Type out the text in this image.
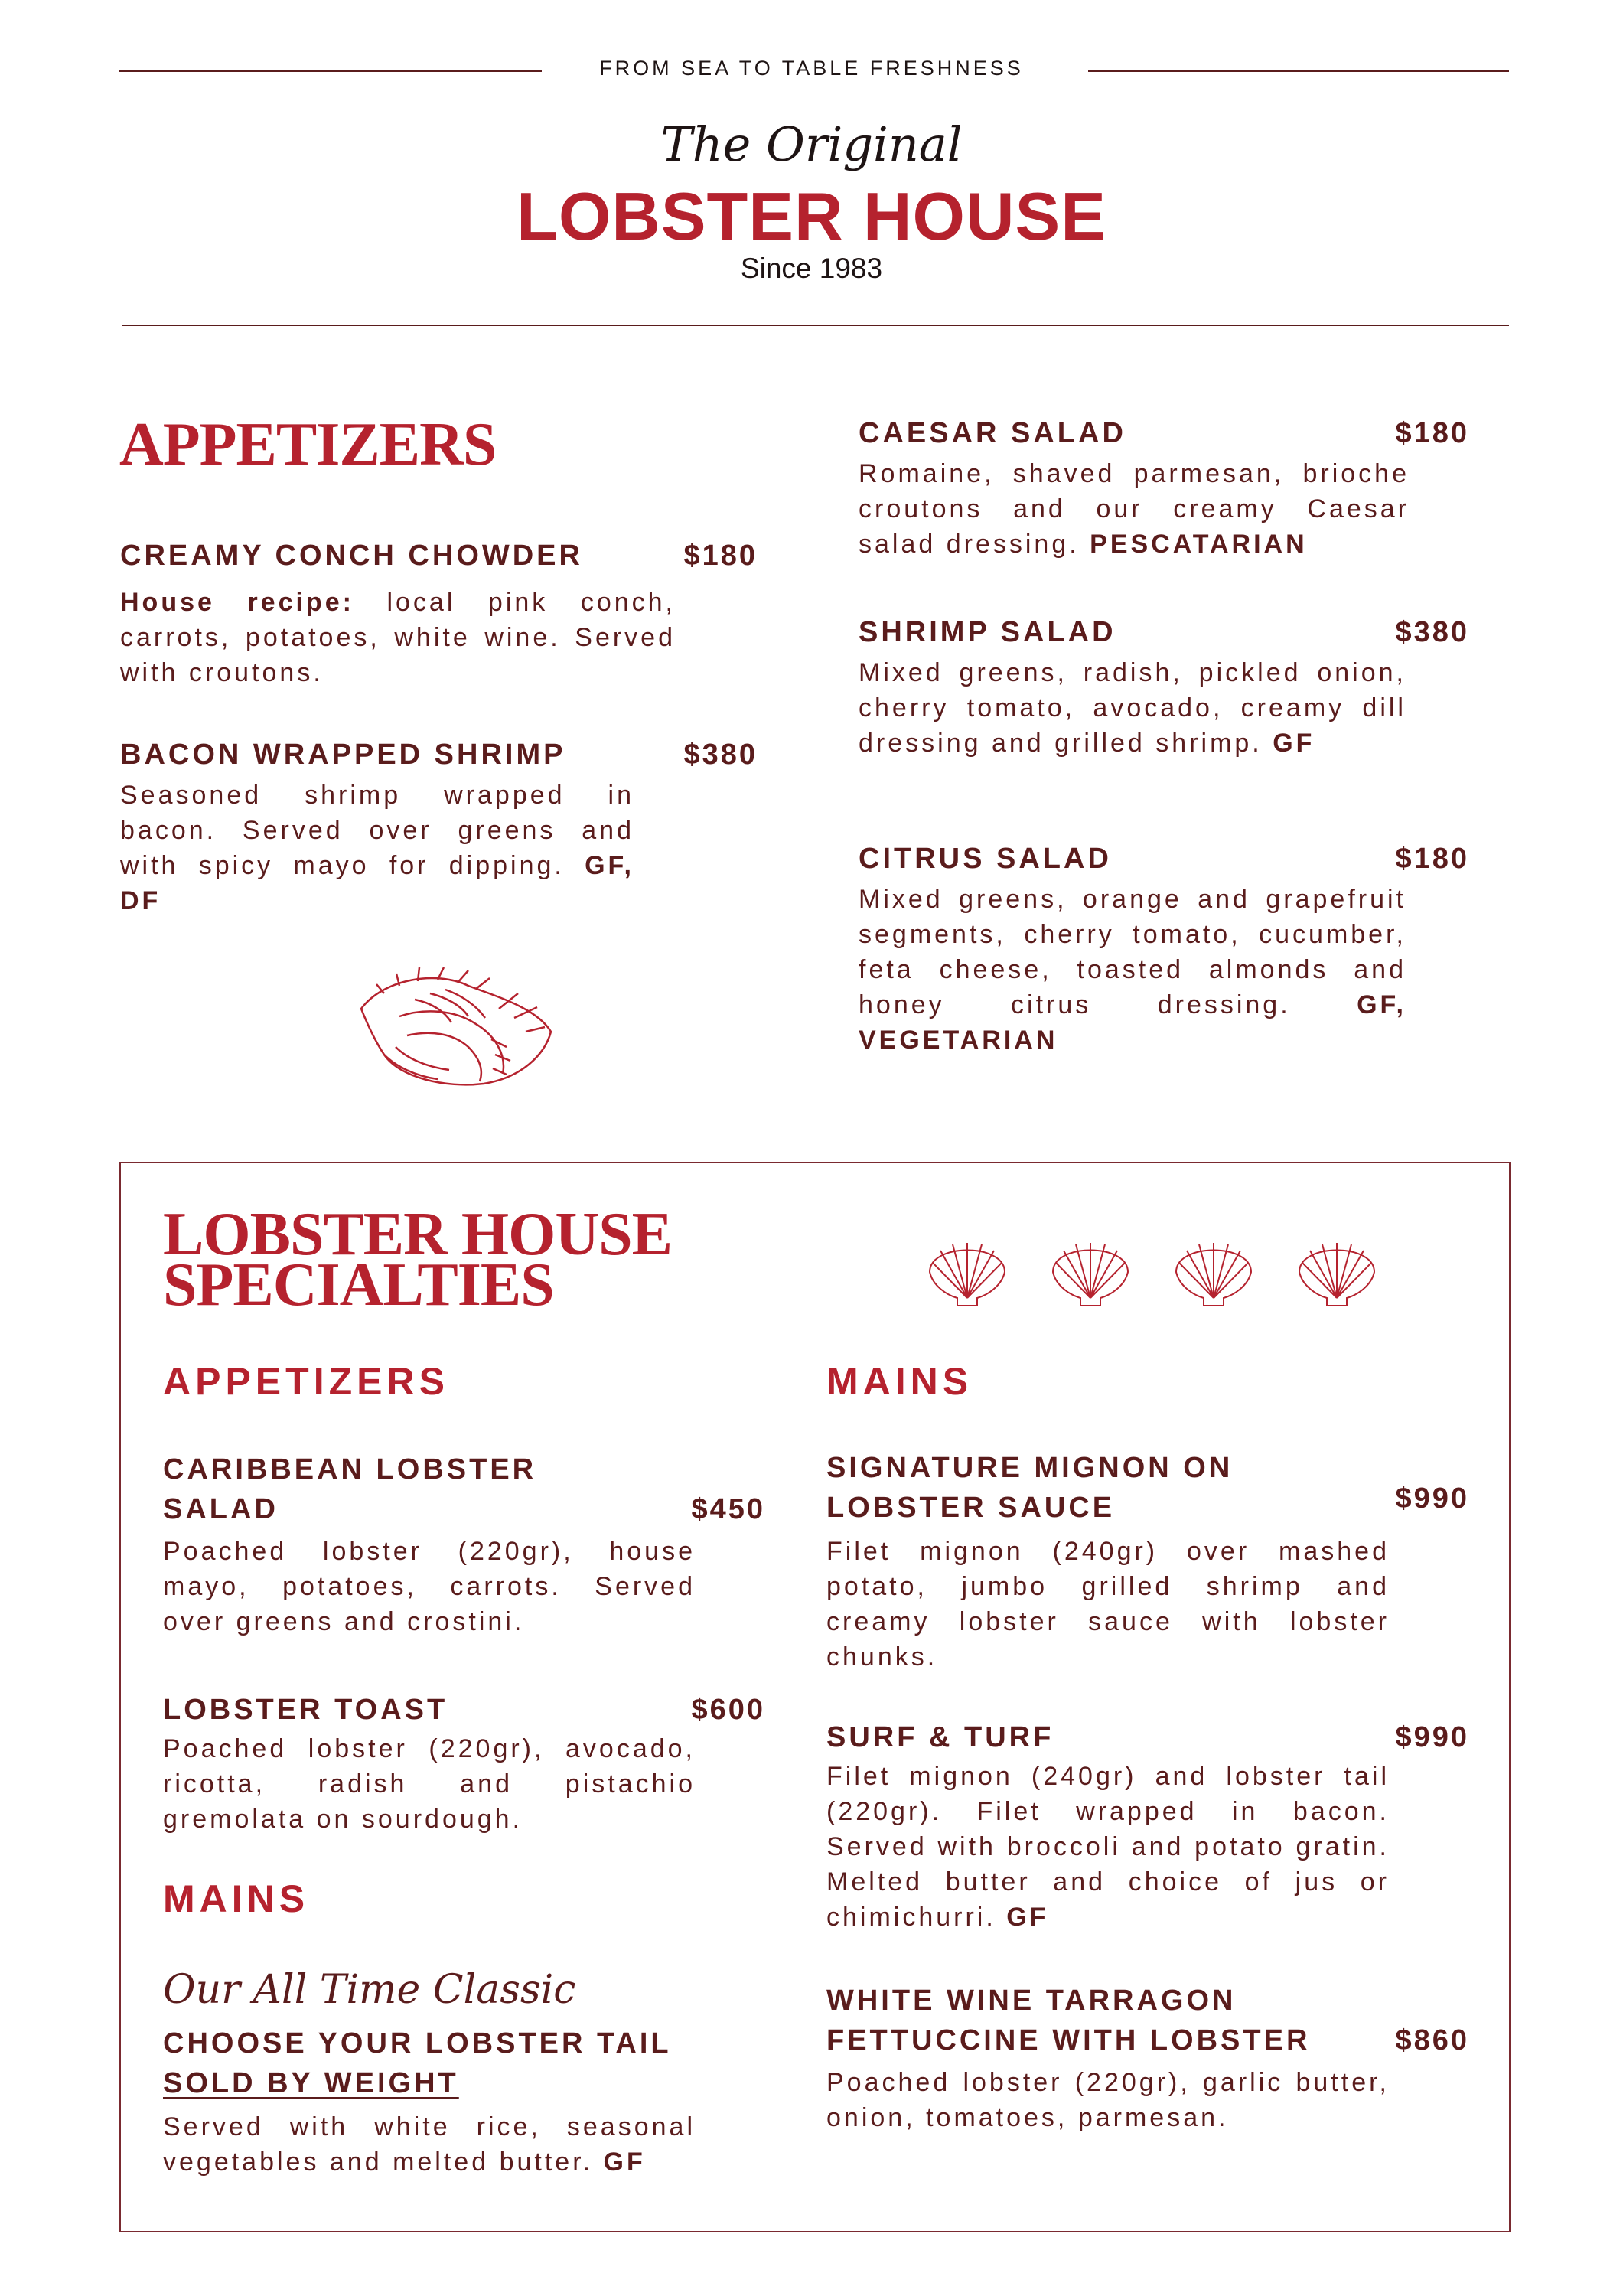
FROM SEA TO TABLE FRESHNESS
The Original
LOBSTER HOUSE
Since 1983
APPETIZERS
CREAMY CONCH CHOWDER	$180
House recipe: local pink conch, carrots, potatoes, white wine. Served with croutons.
BACON WRAPPED SHRIMP	$380
Seasoned shrimp wrapped in bacon. Served over greens and with spicy mayo for dipping. GF, DF
CAESAR SALAD	$180
Romaine, shaved parmesan, brioche croutons and our creamy Caesar salad dressing. PESCATARIAN
SHRIMP SALAD	$380
Mixed greens, radish, pickled onion, cherry tomato, avocado, creamy dill dressing and grilled shrimp. GF
CITRUS SALAD	$180
Mixed greens, orange and grapefruit segments, cherry tomato, cucumber, feta cheese, toasted almonds and honey citrus dressing. GF, VEGETARIAN
LOBSTER HOUSE
SPECIALTIES
APPETIZERS
CARIBBEAN LOBSTER
SALAD	$450
Poached lobster (220gr), house mayo, potatoes, carrots. Served over greens and crostini.
LOBSTER TOAST	$600
Poached lobster (220gr), avocado, ricotta, radish and pistachio gremolata on sourdough.
MAINS
Our All Time Classic
CHOOSE YOUR LOBSTER TAIL
SOLD BY WEIGHT
Served with white rice, seasonal vegetables and melted butter. GF
MAINS
SIGNATURE MIGNON ON
LOBSTER SAUCE	$990
Filet mignon (240gr) over mashed potato, jumbo grilled shrimp and creamy lobster sauce with lobster chunks.
SURF & TURF	$990
Filet mignon (240gr) and lobster tail (220gr). Filet wrapped in bacon. Served with broccoli and potato gratin. Melted butter and choice of jus or chimichurri. GF
WHITE WINE TARRAGON
FETTUCCINE WITH LOBSTER	$860
Poached lobster (220gr), garlic butter, onion, tomatoes, parmesan.
